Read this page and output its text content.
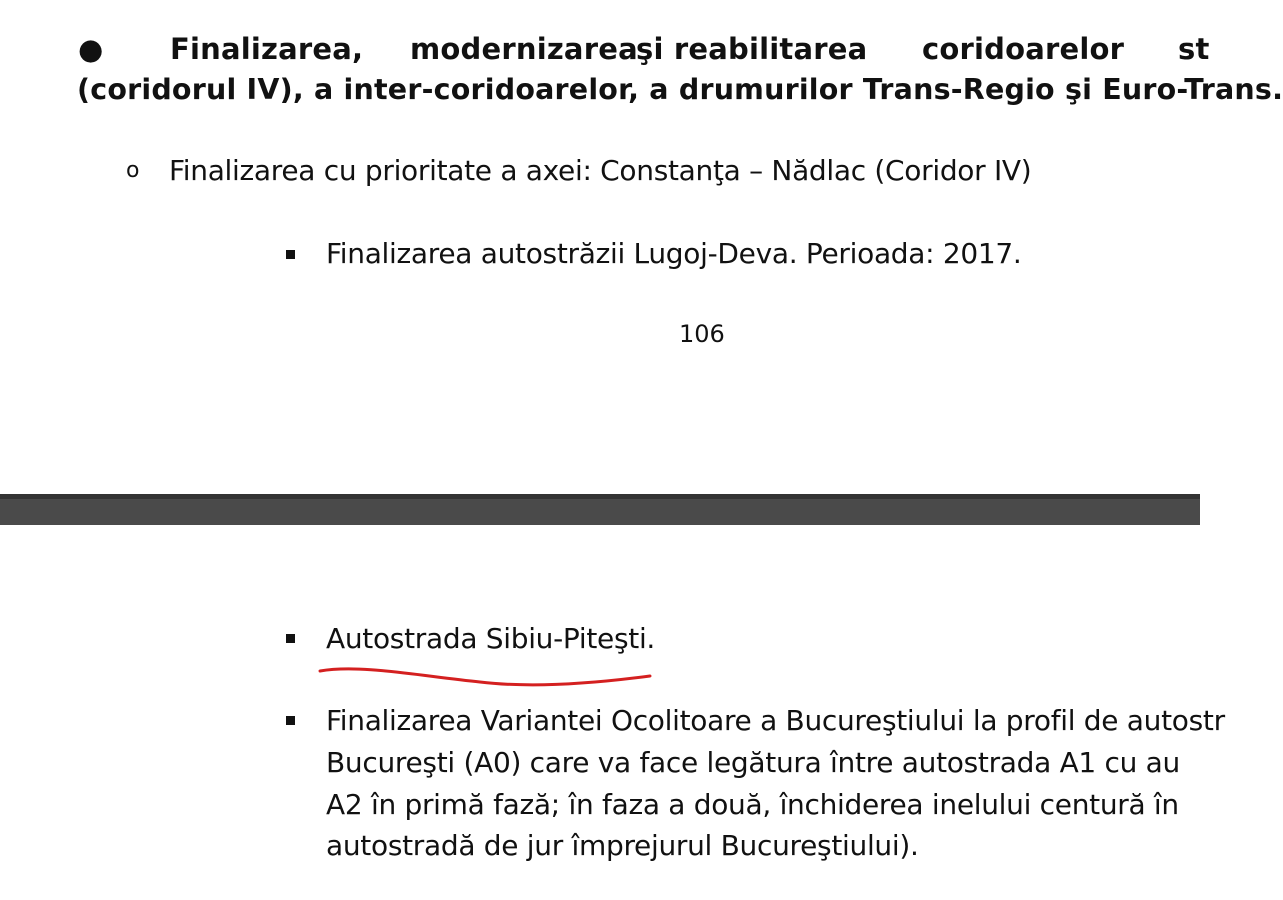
● Finalizarea, modernizarea
şi reabilitarea coridoarelor st
(coridorul IV), a inter-coridoarelor, a drumurilor Trans-Regio şi Euro-Trans.
o Finalizarea cu prioritate a axei: Constanţa – Nădlac (Coridor IV)
Finalizarea autostrăzii Lugoj-Deva. Perioada: 2017.
106
Autostrada Sibiu-Piteşti.
Finalizarea Variantei Ocolitoare a Bucureştiului la profil de autostr
Bucureşti (A0) care va face legătura între autostrada A1 cu au
A2 în primă fază; în faza a două, închiderea inelului centură în
autostradă de jur împrejurul Bucureştiului).
